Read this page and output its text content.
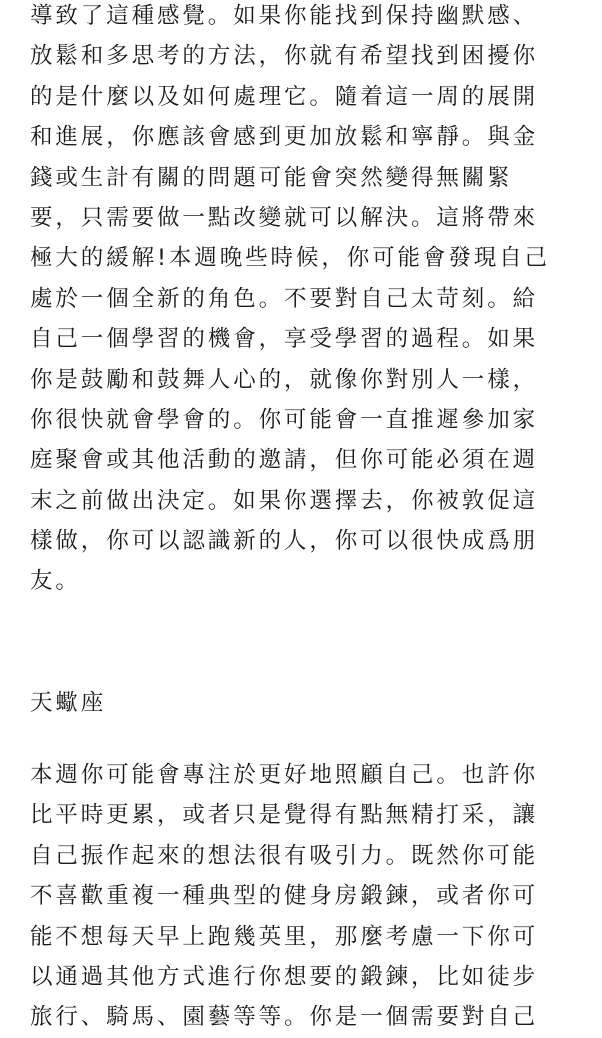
導致了這種感覺。如果你能找到保持幽默感、
放鬆和多思考的方法，你就有希望找到困擾你
的是什麼以及如何處理它。隨着這一周的展開
和進展，你應該會感到更加放鬆和寧靜。與金
錢或生計有關的問題可能會突然變得無關緊
要，只需要做一點改變就可以解決。這將帶來
極大的緩解!本週晚些時候，你可能會發現自己
處於一個全新的角色。不要對自己太苛刻。給
自己一個學習的機會，享受學習的過程。如果
你是鼓勵和鼓舞人心的，就像你對別人一樣，
你很快就會學會的。你可能會一直推遲參加家
庭聚會或其他活動的邀請，但你可能必須在週
末之前做出決定。如果你選擇去，你被敦促這
樣做，你可以認識新的人，你可以很快成爲朋
友。

天蠍座

本週你可能會專注於更好地照顧自己。也許你
比平時更累，或者只是覺得有點無精打采，讓
自己振作起來的想法很有吸引力。既然你可能
不喜歡重複一種典型的健身房鍛鍊，或者你可
能不想每天早上跑幾英里，那麼考慮一下你可
以通過其他方式進行你想要的鍛鍊，比如徒步
旅行、騎馬、園藝等等。你是一個需要對自己
